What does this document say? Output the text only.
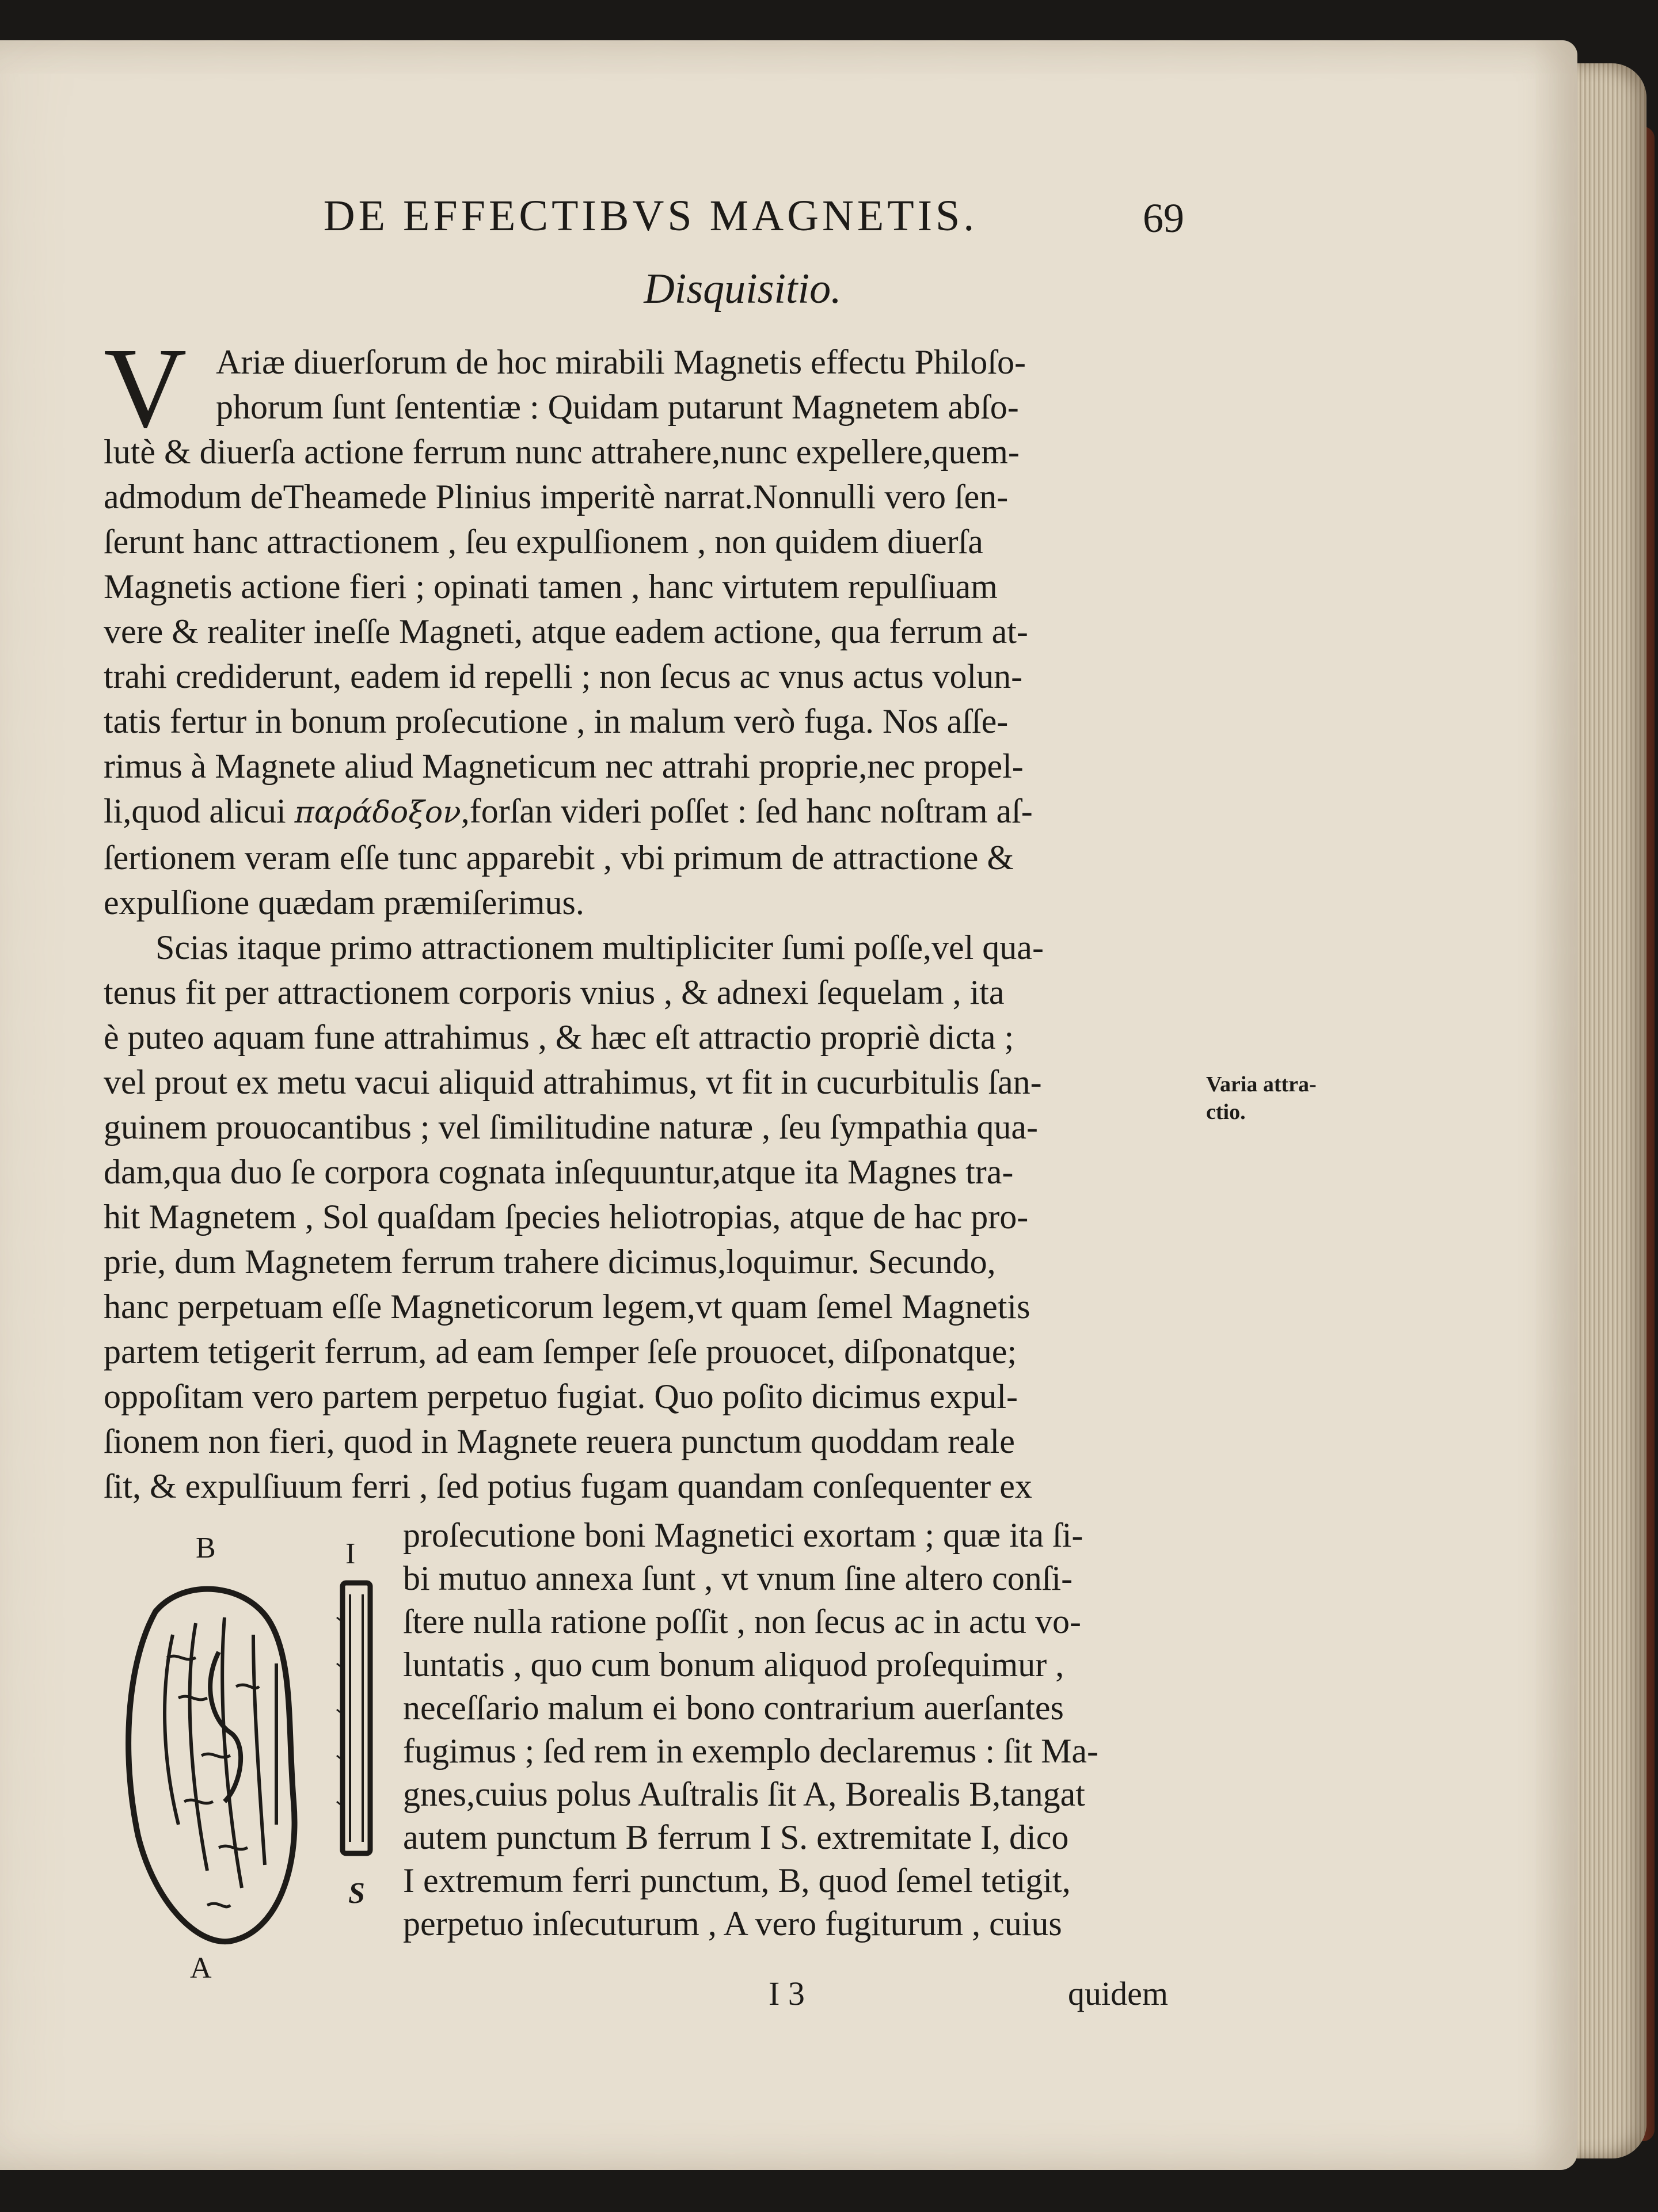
DE EFFECTIBVS MAGNETIS.	69
Disquisitio.
V Ariæ diuerſorum de hoc mirabili Magnetis effectu Philoſo-
phorum ſunt ſententiæ : Quidam putarunt Magnetem abſo-
lutè & diuerſa actione ferrum nunc attrahere,nunc expellere,quem-
admodum deTheamede Plinius imperitè narrat.Nonnulli vero ſen-
ſerunt hanc attractionem , ſeu expulſionem , non quidem diuerſa
Magnetis actione fieri ; opinati tamen , hanc virtutem repulſiuam
vere & realiter ineſſe Magneti, atque eadem actione, qua ferrum at-
trahi crediderunt, eadem id repelli ; non ſecus ac vnus actus volun-
tatis fertur in bonum proſecutione , in malum verò fuga. Nos aſſe-
rimus à Magnete aliud Magneticum nec attrahi proprie,nec propel-
li,quod alicui παράδοξον,forſan videri poſſet : ſed hanc noſtram aſ-
ſertionem veram eſſe tunc apparebit , vbi primum de attractione &
expulſione quædam præmiſerimus.
Scias itaque primo attractionem multipliciter ſumi poſſe,vel qua-
tenus fit per attractionem corporis vnius , & adnexi ſequelam , ita
è puteo aquam fune attrahimus , & hæc eſt attractio propriè dicta ;
vel prout ex metu vacui aliquid attrahimus, vt fit in cucurbitulis ſan-
guinem prouocantibus ; vel ſimilitudine naturæ , ſeu ſympathia qua-
dam,qua duo ſe corpora cognata inſequuntur,atque ita Magnes tra-
hit Magnetem , Sol quaſdam ſpecies heliotropias, atque de hac pro-
prie, dum Magnetem ferrum trahere dicimus,loquimur. Secundo,
hanc perpetuam eſſe Magneticorum legem,vt quam ſemel Magnetis
partem tetigerit ferrum, ad eam ſemper ſeſe prouocet, diſponatque;
oppoſitam vero partem perpetuo fugiat. Quo poſito dicimus expul-
ſionem non fieri, quod in Magnete reuera punctum quoddam reale
ſit, & expulſiuum ferri , ſed potius fugam quandam conſequenter ex
Varia attra- ctio.
B	I
A
S
proſecutione boni Magnetici exortam ; quæ ita ſi-
bi mutuo annexa ſunt , vt vnum ſine altero conſi-
ſtere nulla ratione poſſit , non ſecus ac in actu vo-
luntatis , quo cum bonum aliquod proſequimur ,
neceſſario malum ei bono contrarium auerſantes
fugimus ; ſed rem in exemplo declaremus : ſit Ma-
gnes,cuius polus Auſtralis ſit A, Borealis B,tangat
autem punctum B ferrum I S. extremitate I, dico
I extremum ferri punctum, B, quod ſemel tetigit,
perpetuo inſecuturum , A vero fugiturum , cuius
I 3	quidem
